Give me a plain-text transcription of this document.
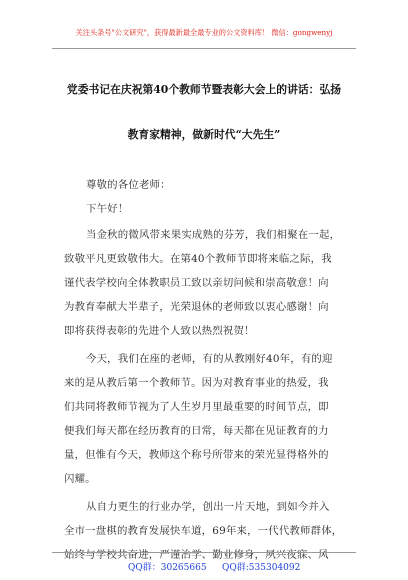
关注头条号"公文研究"，获得最新最全最专业的公文资料库！ 微信：gongwenyj
党委书记在庆祝第40个教师节暨表彰大会上的讲话：弘扬
教育家精神，做新时代“大先生”
尊敬的各位老师：
下午好！
当金秋的微风带来果实成熟的芬芳，我们相聚在一起，
致敬平凡更致敬伟大。在第40个教师节即将来临之际，我
谨代表学校向全体教职员工致以亲切问候和崇高敬意！向
为教育奉献大半辈子，光荣退休的老师致以衷心感谢！向
即将获得表彰的先进个人致以热烈祝贺！
今天，我们在座的老师，有的从教刚好40年，有的迎
来的是从教后第一个教师节。因为对教育事业的热爱，我
们共同将教师节视为了人生岁月里最重要的时间节点，即
便我们每天都在经历教育的日常，每天都在见证教育的力
量，但惟有今天，教师这个称号所带来的荣光显得格外的
闪耀。
从自力更生的行业办学，创出一片天地，到如今并入
全市一盘棋的教育发展快车道，69年来，一代代教师群体，
始终与学校共奋进，严谨治学、勤业修身，夙兴夜寐、风
QQ群：30265665 QQ群:535304092
